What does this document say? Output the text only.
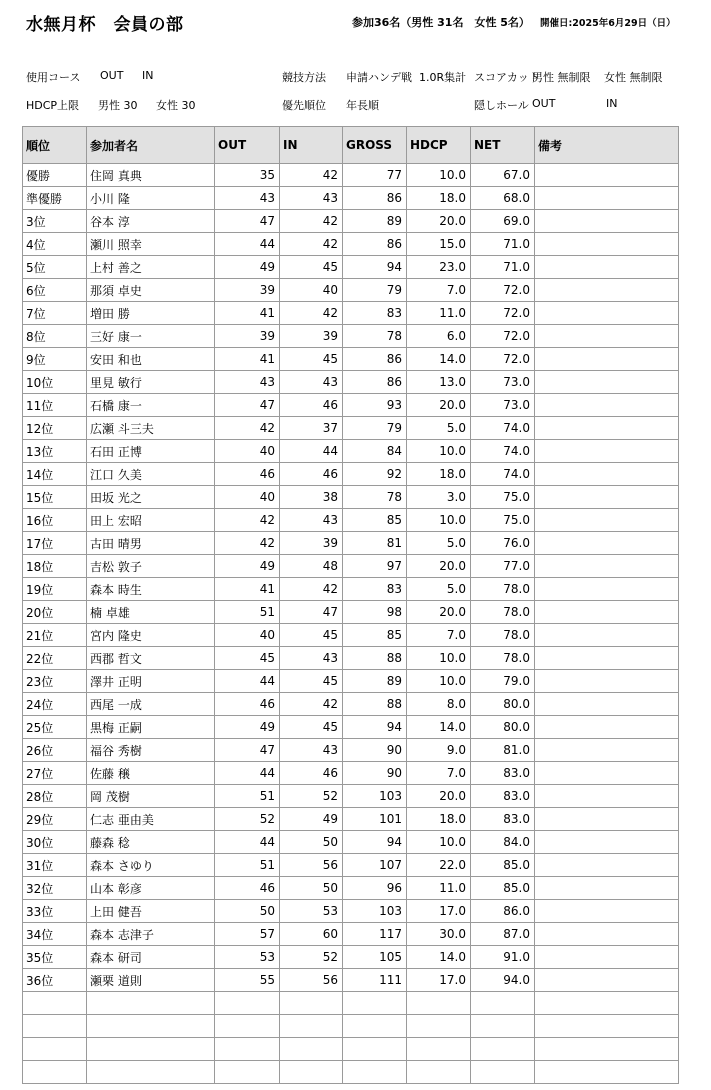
水無月杯　会員の部	参加36名（男性 31名　女性 5名） 開催日:2025年6月29日（日）
使用コース OUT IN	競技方法 申請ハンデ戦 1.0R集計 スコアカット
男性 無制限 女性 無制限
HDCP上限 男性 30 女性 30	優先順位 年長順	隠しホール OUT	IN
順位	参加者名	OUT	IN	GROSS	HDCP	NET	備考
優勝	住岡 真典	35	42	77	10.0	67.0	
準優勝	小川 隆	43	43	86	18.0	68.0	
3位	谷本 淳	47	42	89	20.0	69.0	
4位	瀬川 照幸	44	42	86	15.0	71.0	
5位	上村 善之	49	45	94	23.0	71.0	
6位	那須 卓史	39	40	79	7.0	72.0	
7位	増田 勝	41	42	83	11.0	72.0	
8位	三好 康一	39	39	78	6.0	72.0	
9位	安田 和也	41	45	86	14.0	72.0	
10位	里見 敏行	43	43	86	13.0	73.0	
11位	石橋 康一	47	46	93	20.0	73.0	
12位	広瀬 斗三夫	42	37	79	5.0	74.0	
13位	石田 正博	40	44	84	10.0	74.0	
14位	江口 久美	46	46	92	18.0	74.0	
15位	田坂 光之	40	38	78	3.0	75.0	
16位	田上 宏昭	42	43	85	10.0	75.0	
17位	古田 晴男	42	39	81	5.0	76.0	
18位	吉松 敦子	49	48	97	20.0	77.0	
19位	森本 時生	41	42	83	5.0	78.0	
20位	楠 卓雄	51	47	98	20.0	78.0	
21位	宮内 隆史	40	45	85	7.0	78.0	
22位	西郡 哲文	45	43	88	10.0	78.0	
23位	澤井 正明	44	45	89	10.0	79.0	
24位	西尾 一成	46	42	88	8.0	80.0	
25位	黒梅 正嗣	49	45	94	14.0	80.0	
26位	福谷 秀樹	47	43	90	9.0	81.0	
27位	佐藤 穣	44	46	90	7.0	83.0	
28位	岡 茂樹	51	52	103	20.0	83.0	
29位	仁志 亜由美	52	49	101	18.0	83.0	
30位	藤森 稔	44	50	94	10.0	84.0	
31位	森本 さゆり	51	56	107	22.0	85.0	
32位	山本 彰彦	46	50	96	11.0	85.0	
33位	上田 健吾	50	53	103	17.0	86.0	
34位	森本 志津子	57	60	117	30.0	87.0	
35位	森本 研司	53	52	105	14.0	91.0	
36位	瀬栗 道則	55	56	111	17.0	94.0	
